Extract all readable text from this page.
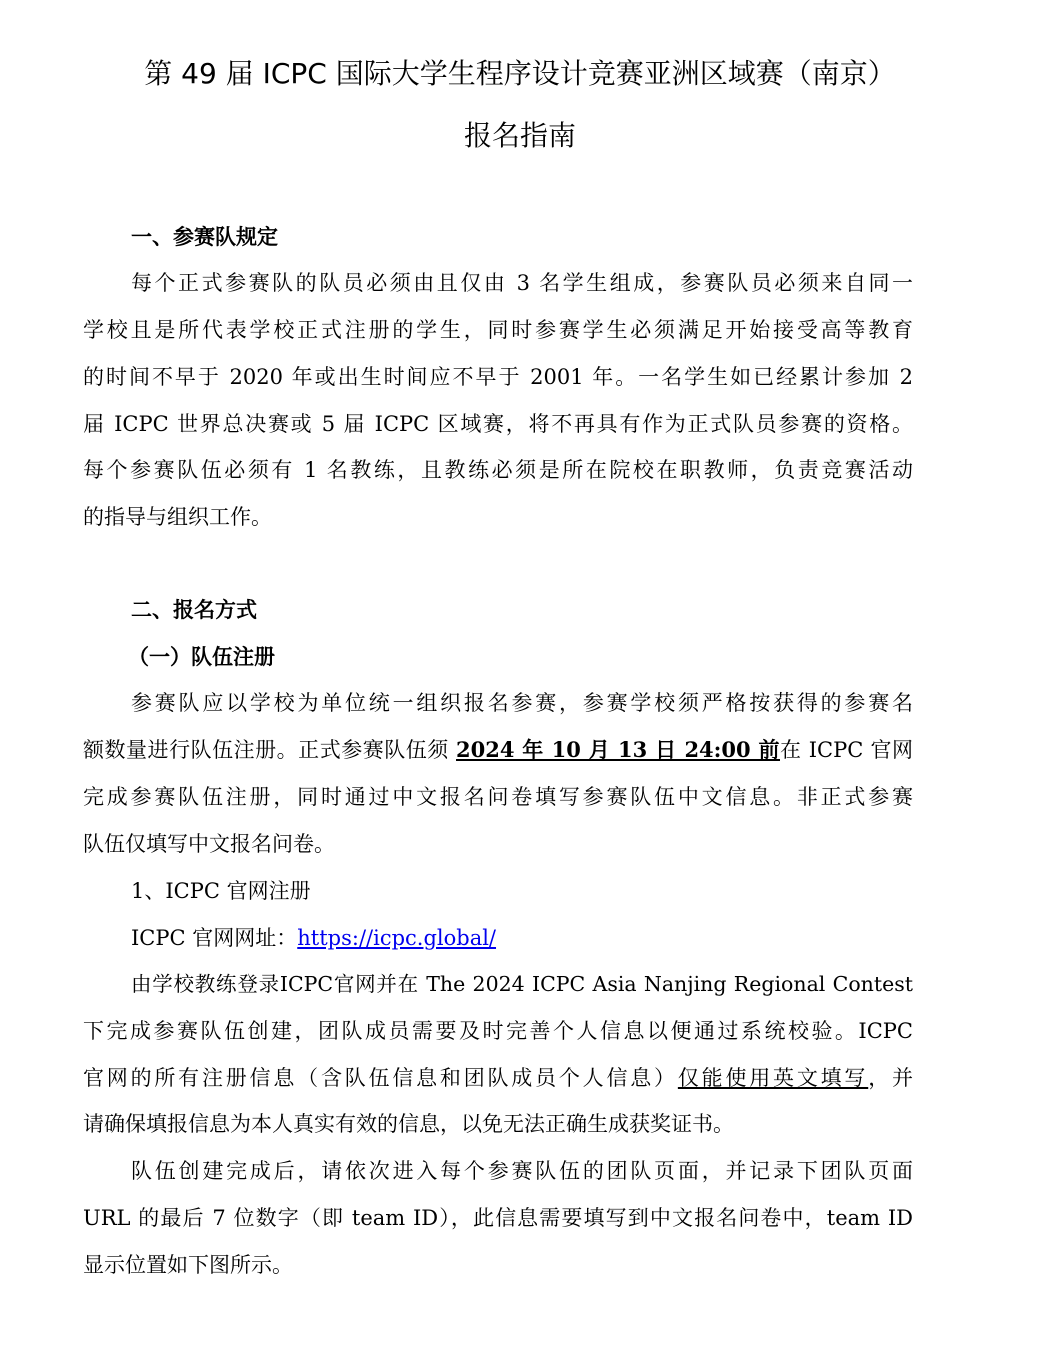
第 49 届 ICPC 国际大学生程序设计竞赛亚洲区域赛（南京）
报名指南
一、参赛队规定
每个正式参赛队的队员必须由且仅由 3 名学生组成，参赛队员必须来自同一
学校且是所代表学校正式注册的学生，同时参赛学生必须满足开始接受高等教育
的时间不早于 2020 年或出生时间应不早于 2001 年。一名学生如已经累计参加 2
届 ICPC 世界总决赛或 5 届 ICPC 区域赛，将不再具有作为正式队员参赛的资格。
每个参赛队伍必须有 1 名教练，且教练必须是所在院校在职教师，负责竞赛活动
的指导与组织工作。
二、报名方式
（一）队伍注册
参赛队应以学校为单位统一组织报名参赛，参赛学校须严格按获得的参赛名
额数量进行队伍注册。正式参赛队伍须 2024 年 10 月 13 日 24:00 前在 ICPC 官网
完成参赛队伍注册，同时通过中文报名问卷填写参赛队伍中文信息。非正式参赛
队伍仅填写中文报名问卷。
1、ICPC 官网注册
ICPC 官网网址：https://icpc.global/
由学校教练登录ICPC官网并在 The 2024 ICPC Asia Nanjing Regional Contest
下完成参赛队伍创建，团队成员需要及时完善个人信息以便通过系统校验。ICPC
官网的所有注册信息（含队伍信息和团队成员个人信息）仅能使用英文填写，并
请确保填报信息为本人真实有效的信息，以免无法正确生成获奖证书。
队伍创建完成后，请依次进入每个参赛队伍的团队页面，并记录下团队页面
URL 的最后 7 位数字（即 team ID），此信息需要填写到中文报名问卷中，team ID
显示位置如下图所示。
